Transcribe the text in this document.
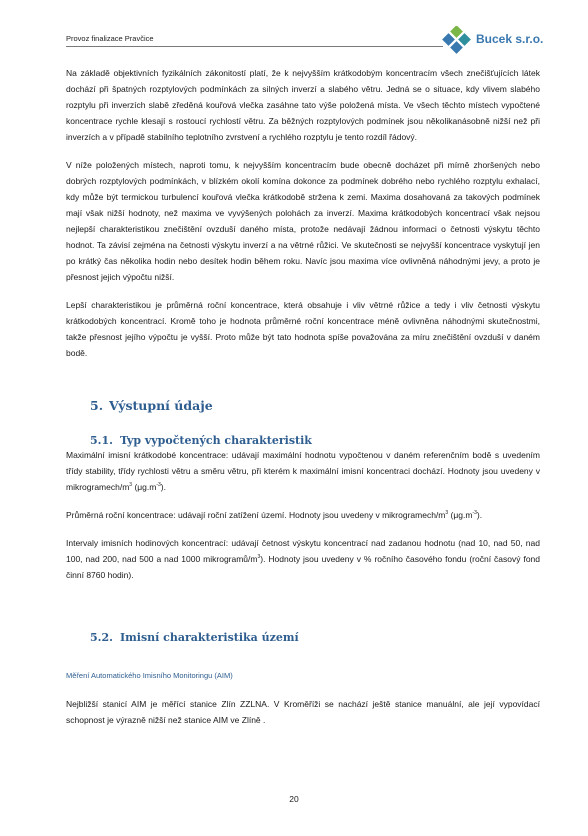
Provoz finalizace Pravčice	Bucek s.r.o.

Na základě objektivních fyzikálních zákonitostí platí, že k nejvyšším krátkodobým koncentracím všech znečišťujících látek dochází při špatných rozptylových podmínkách za silných inverzí a slabého větru. Jedná se o situace, kdy vlivem slabého rozptylu při inverzích slabě zředěná kouřová vlečka zasáhne tato výše položená místa. Ve všech těchto místech vypočtené koncentrace rychle klesají s rostoucí rychlostí větru. Za běžných rozptylových podmínek jsou několikanásobně nižší než při inverzích a v případě stabilního teplotního zvrstvení a rychlého rozptylu je tento rozdíl řádový.

V níže položených místech, naproti tomu, k nejvyšším koncentracím bude obecně docházet při mírně zhoršených nebo dobrých rozptylových podmínkách, v blízkém okolí komína dokonce za podmínek dobrého nebo rychlého rozptylu exhalací, kdy může být termickou turbulencí kouřová vlečka krátkodobě stržena k zemi. Maxima dosahovaná za takových podmínek mají však nižší hodnoty, než maxima ve vyvýšených polohách za inverzí. Maxima krátkodobých koncentrací však nejsou nejlepší charakteristikou znečištění ovzduší daného místa, protože nedávají žádnou informaci o četnosti výskytu těchto hodnot. Ta závisí zejména na četnosti výskytu inverzí a na větrné růžici. Ve skutečnosti se nejvyšší koncentrace vyskytují jen po krátký čas několika hodin nebo desítek hodin během roku. Navíc jsou maxima více ovlivněná náhodnými jevy, a proto je přesnost jejich výpočtu nižší.

Lepší charakteristikou je průměrná roční koncentrace, která obsahuje i vliv větrné růžice a tedy i vliv četnosti výskytu krátkodobých koncentrací. Kromě toho je hodnota průměrné roční koncentrace méně ovlivněna náhodnými skutečnostmi, takže přesnost jejího výpočtu je vyšší. Proto může být tato hodnota spíše považována za míru znečištění ovzduší v daném bodě.

5. Výstupní údaje
5.1. Typ vypočtených charakteristik

Maximální imisní krátkodobé koncentrace: udávají maximální hodnotu vypočtenou v daném referenčním bodě s uvedením třídy stability, třídy rychlosti větru a směru větru, při kterém k maximální imisní koncentraci dochází. Hodnoty jsou uvedeny v mikrogramech/$m^3$ $(\mu g.m^{-3})$.

Průměrná roční koncentrace: udávají roční zatížení území. Hodnoty jsou uvedeny v mikrogramech/$m^3$ $(\mu g.m^{-3})$.

Intervaly imisních hodinových koncentrací: udávají četnost výskytu koncentrací nad zadanou hodnotu (nad 10, nad 50, nad 100, nad 200, nad 500 a nad 1000 mikrogramů/$m^3$). Hodnoty jsou uvedeny v % ročního časového fondu (roční časový fond činní 8760 hodin).

5.2. Imisní charakteristika území
Měření Automatického Imisního Monitoringu (AIM)

Nejbližší stanicí AIM je měřící stanice Zlín ZZLNA. V Kroměříži se nachází ještě stanice manuální, ale její vypovídací schopnost je výrazně nižší než stanice AIM ve Zlíně .

20
